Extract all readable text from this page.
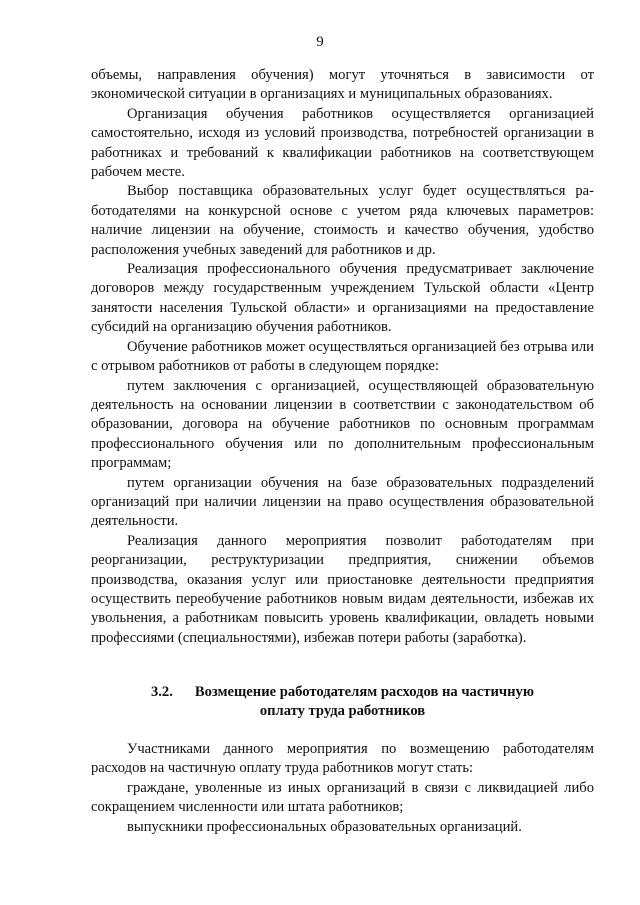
9

объемы, направления обучения) могут уточняться в зависимости от экономической ситуации в организациях и муниципальных образованиях.

Организация обучения работников осуществляется организацией самостоятельно, исходя из условий производства, потребностей организации в работниках и требований к квалификации работников на соответствующем рабочем месте.

Выбор поставщика образовательных услуг будет осуществляться работодателями на конкурсной основе с учетом ряда ключевых параметров: наличие лицензии на обучение, стоимость и качество обучения, удобство расположения учебных заведений для работников и др.

Реализация профессионального обучения предусматривает заключение договоров между государственным учреждением Тульской области «Центр занятости населения Тульской области» и организациями на предоставление субсидий на организацию обучения работников.

Обучение работников может осуществляться организацией без отрыва или с отрывом работников от работы в следующем порядке:

путем заключения с организацией, осуществляющей образовательную деятельность на основании лицензии в соответствии с законодательством об образовании, договора на обучение работников по основным программам профессионального обучения или по дополнительным профессиональным программам;

путем организации обучения на базе образовательных подразделений организаций при наличии лицензии на право осуществления образовательной деятельности.

Реализация данного мероприятия позволит работодателям при реорганизации, реструктуризации предприятия, снижении объемов производства, оказания услуг или приостановке деятельности предприятия осуществить переобучение работников новым видам деятельности, избежав их увольнения, а работникам повысить уровень квалификации, овладеть новыми профессиями (специальностями), избежав потери работы (заработка).

3.2. Возмещение работодателям расходов на частичную
оплату труда работников

Участниками данного мероприятия по возмещению работодателям расходов на частичную оплату труда работников могут стать:

граждане, уволенные из иных организаций в связи с ликвидацией либо сокращением численности или штата работников;

выпускники профессиональных образовательных организаций.
